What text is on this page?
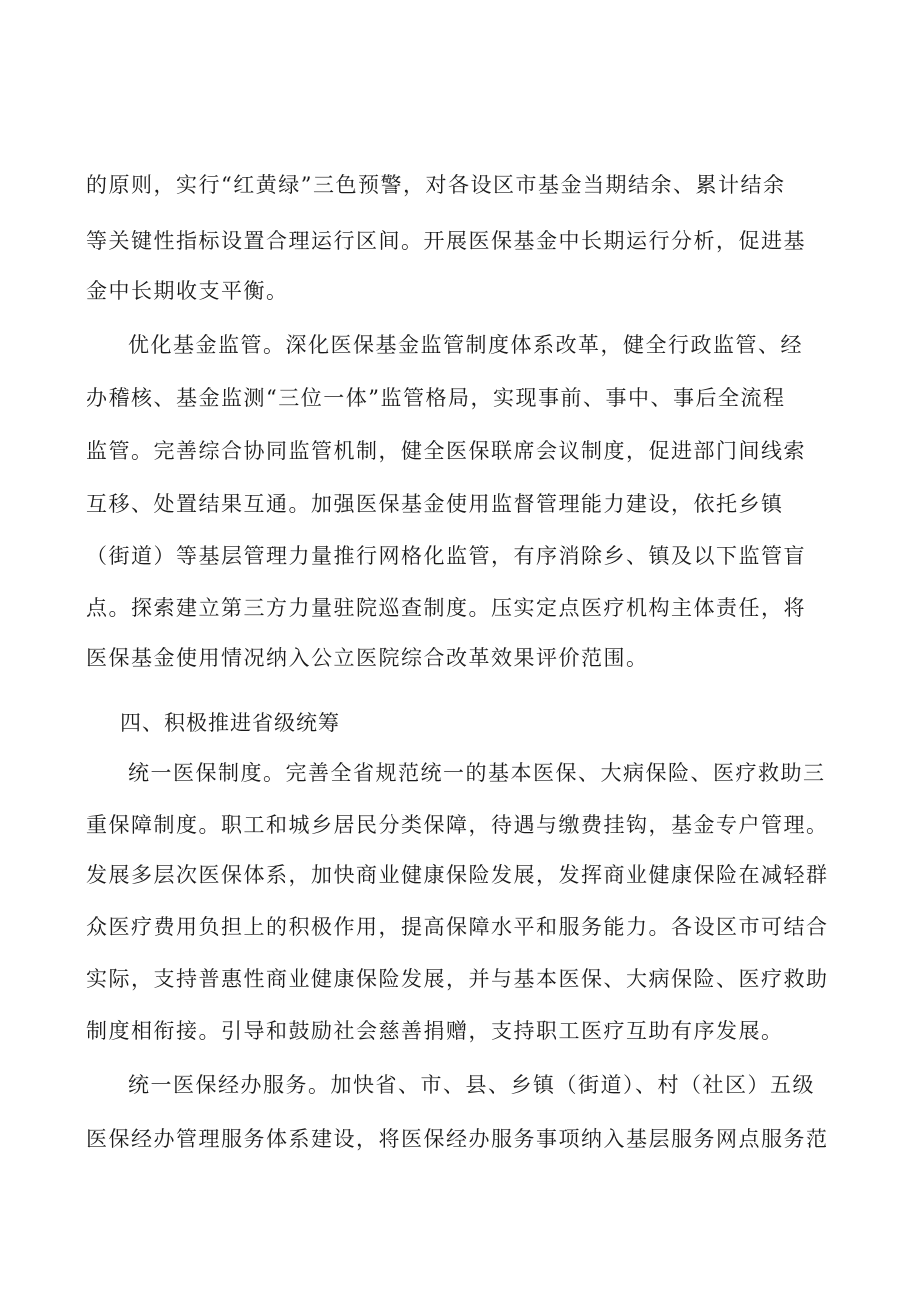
的原则，实行“红黄绿”三色预警，对各设区市基金当期结余、累计结余
等关键性指标设置合理运行区间。开展医保基金中长期运行分析，促进基
金中长期收支平衡。
优化基金监管。深化医保基金监管制度体系改革，健全行政监管、经
办稽核、基金监测“三位一体”监管格局，实现事前、事中、事后全流程
监管。完善综合协同监管机制，健全医保联席会议制度，促进部门间线索
互移、处置结果互通。加强医保基金使用监督管理能力建设，依托乡镇
（街道）等基层管理力量推行网格化监管，有序消除乡、镇及以下监管盲
点。探索建立第三方力量驻院巡查制度。压实定点医疗机构主体责任，将
医保基金使用情况纳入公立医院综合改革效果评价范围。
四、积极推进省级统筹
统一医保制度。完善全省规范统一的基本医保、大病保险、医疗救助三
重保障制度。职工和城乡居民分类保障，待遇与缴费挂钩，基金专户管理。
发展多层次医保体系，加快商业健康保险发展，发挥商业健康保险在减轻群
众医疗费用负担上的积极作用，提高保障水平和服务能力。各设区市可结合
实际，支持普惠性商业健康保险发展，并与基本医保、大病保险、医疗救助
制度相衔接。引导和鼓励社会慈善捐赠，支持职工医疗互助有序发展。
统一医保经办服务。加快省、市、县、乡镇（街道）、村（社区）五级
医保经办管理服务体系建设，将医保经办服务事项纳入基层服务网点服务范
